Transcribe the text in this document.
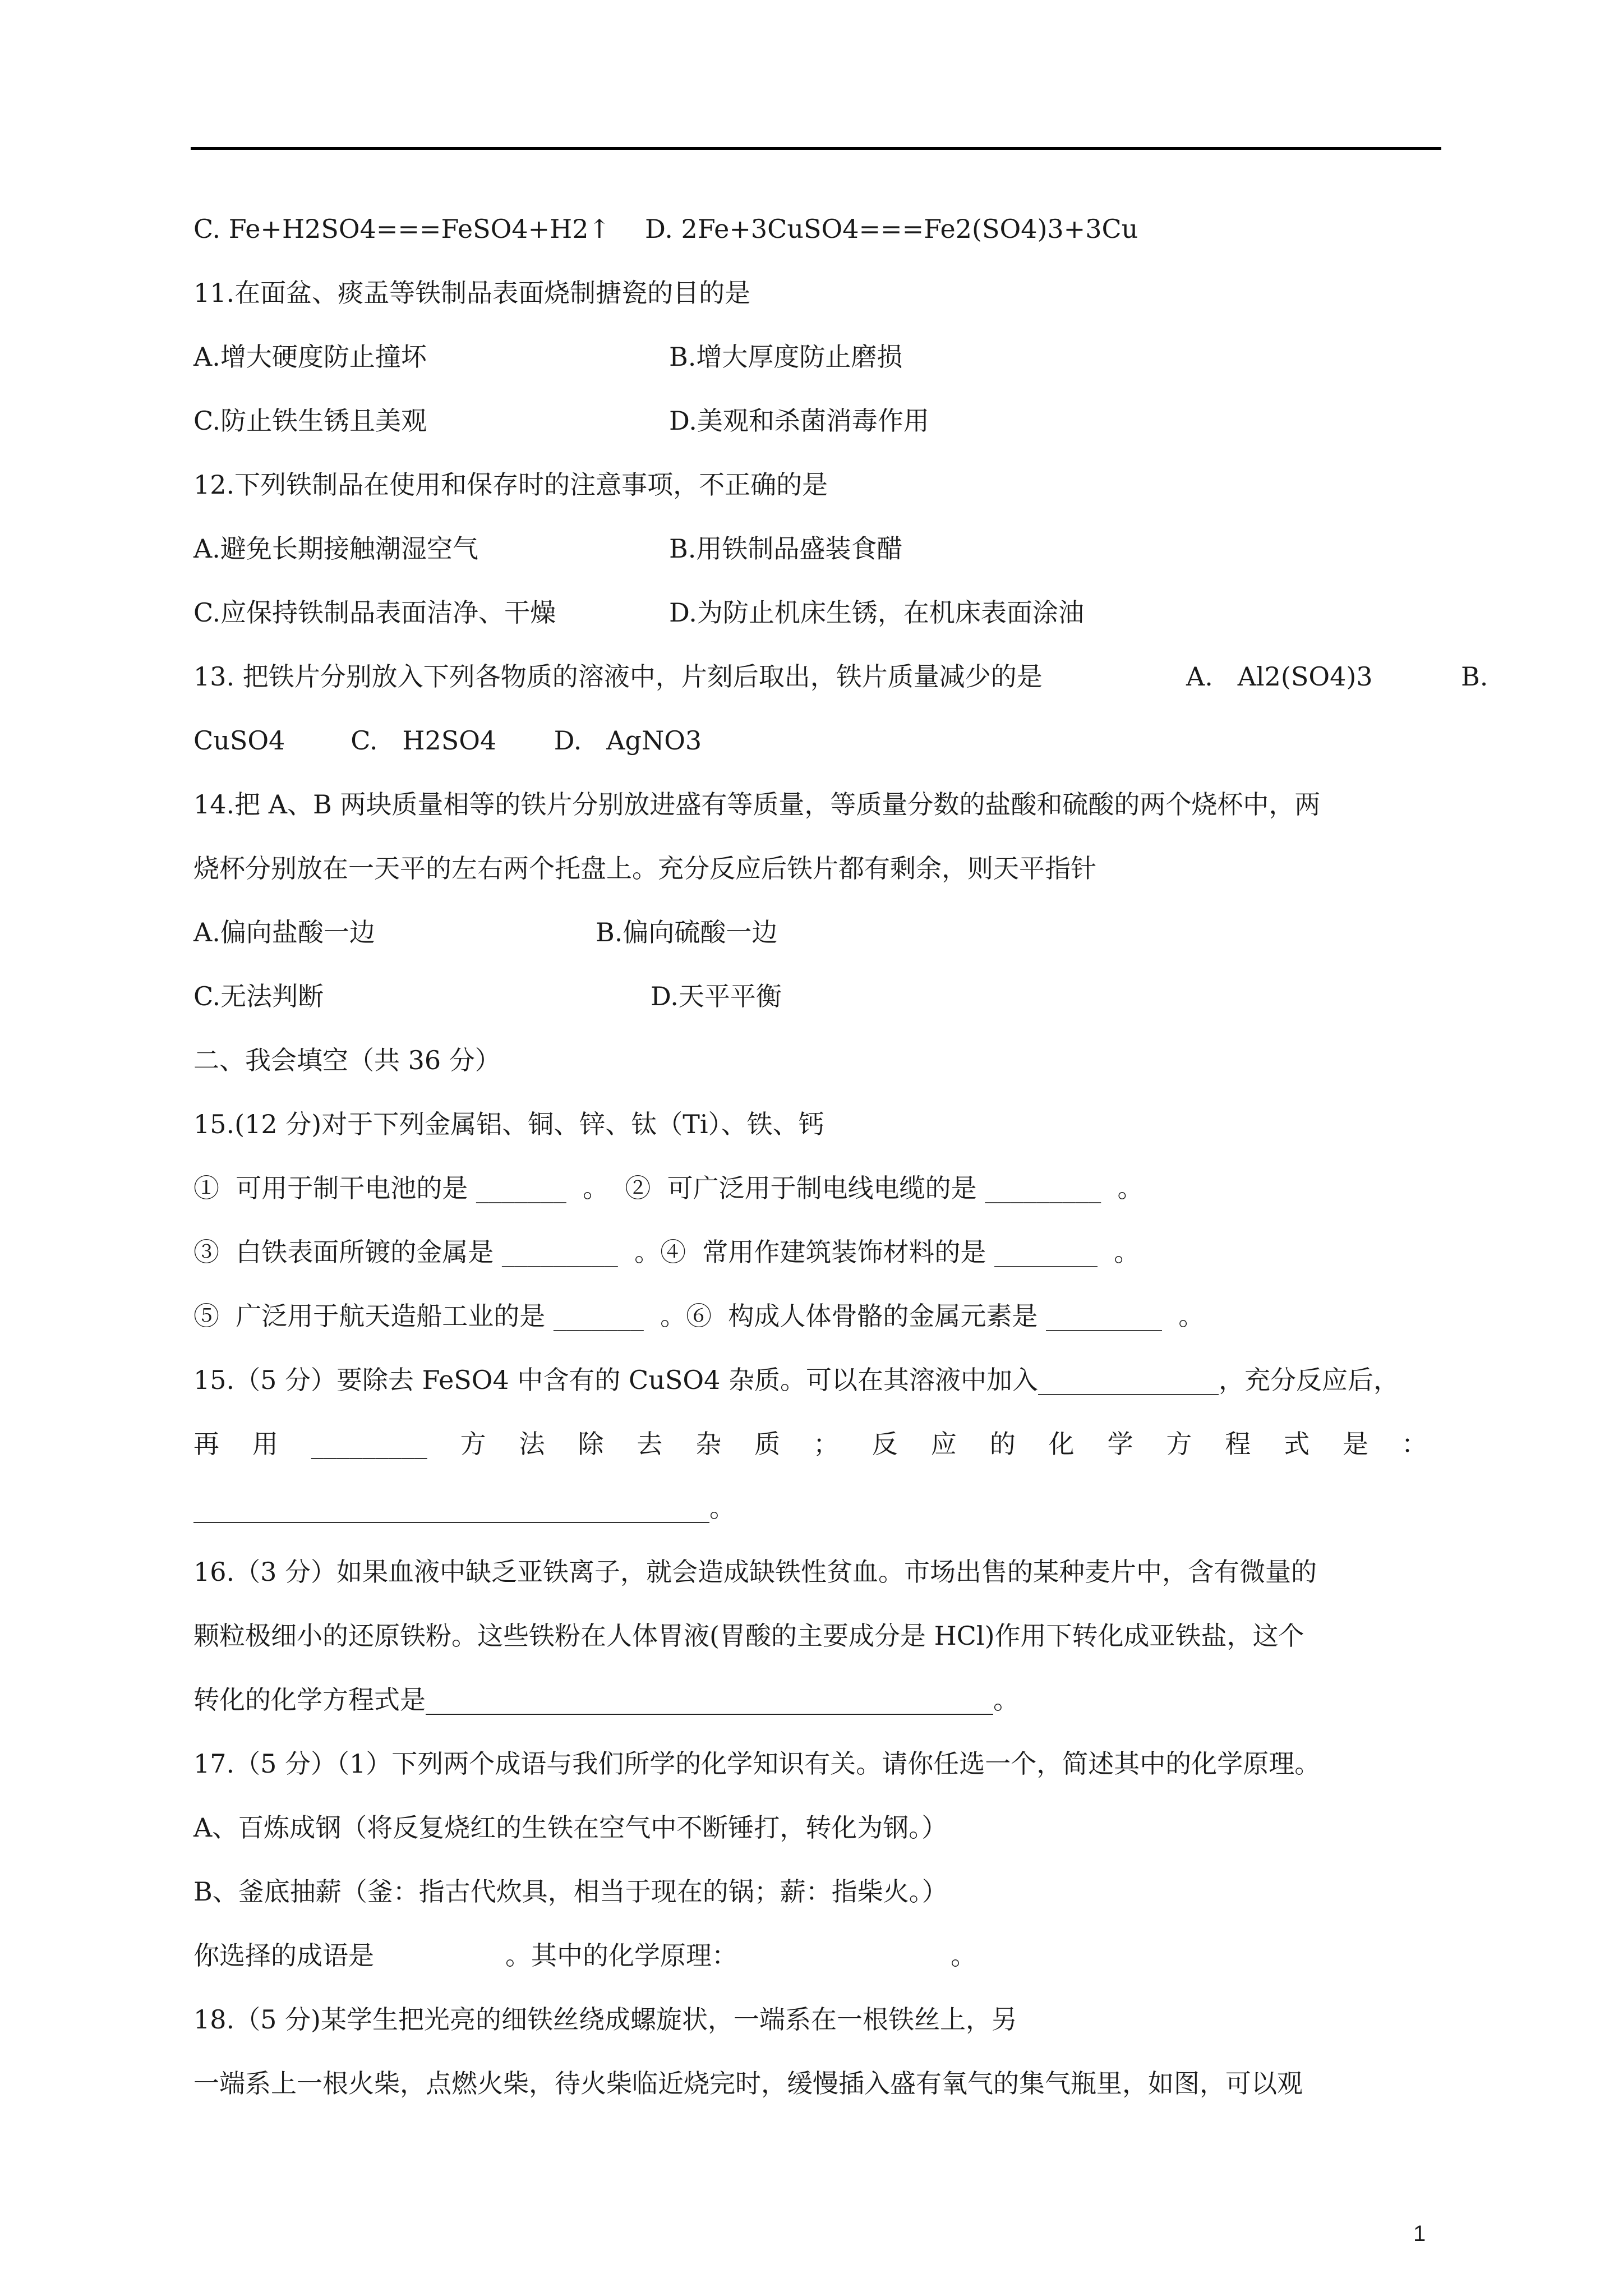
C. Fe+H2SO4===FeSO4+H2↑ D. 2Fe+3CuSO4===Fe2(SO4)3+3Cu
11.在面盆、痰盂等铁制品表面烧制搪瓷的目的是
A.增大硬度防止撞坏	B.增大厚度防止磨损
C.防止铁生锈且美观	D.美观和杀菌消毒作用
12.下列铁制品在使用和保存时的注意事项，不正确的是
A.避免长期接触潮湿空气	B.用铁制品盛装食醋
C.应保持铁制品表面洁净、干燥	D.为防止机床生锈，在机床表面涂油
13. 把铁片分别放入下列各物质的溶液中，片刻后取出，铁片质量减少的是	A.   Al2(SO4)3	B.
CuSO4        C.   H2SO4       D.   AgNO3
14.把 A、B 两块质量相等的铁片分别放进盛有等质量，等质量分数的盐酸和硫酸的两个烧杯中，两
烧杯分别放在一天平的左右两个托盘上。充分反应后铁片都有剩余，则天平指针
A.偏向盐酸一边	B.偏向硫酸一边
C.无法判断	D.天平平衡
二、我会填空（共 36 分）
15.(12 分)对于下列金属铝、铜、锌、钛（Ti）、铁、钙
①  可用于制干电池的是 _______  。  ②  可广泛用于制电线电缆的是 _________  。
③  白铁表面所镀的金属是 _________  。④  常用作建筑装饰材料的是 ________  。
⑤  广泛用于航天造船工业的是 _______  。⑥  构成人体骨骼的金属元素是 _________  。
15.（5 分）要除去 FeSO4 中含有的 CuSO4 杂质。可以在其溶液中加入______________，充分反应后，
再 用 _________ 方 法 除 去 杂 质 ； 反 应 的 化 学 方 程 式 是 ：
________________________________________。
16.（3 分）如果血液中缺乏亚铁离子，就会造成缺铁性贫血。市场出售的某种麦片中，含有微量的
颗粒极细小的还原铁粉。这些铁粉在人体胃液(胃酸的主要成分是 HCl)作用下转化成亚铁盐，这个
转化的化学方程式是____________________________________________。
17.（5 分）（1）下列两个成语与我们所学的化学知识有关。请你任选一个，简述其中的化学原理。
A、百炼成钢（将反复烧红的生铁在空气中不断锤打，转化为钢。）
B、釜底抽薪（釜：指古代炊具，相当于现在的锅；薪：指柴火。）
你选择的成语是                。其中的化学原理：                          。
18.（5 分)某学生把光亮的细铁丝绕成螺旋状，一端系在一根铁丝上，另
一端系上一根火柴，点燃火柴，待火柴临近烧完时，缓慢插入盛有氧气的集气瓶里，如图，可以观
1
